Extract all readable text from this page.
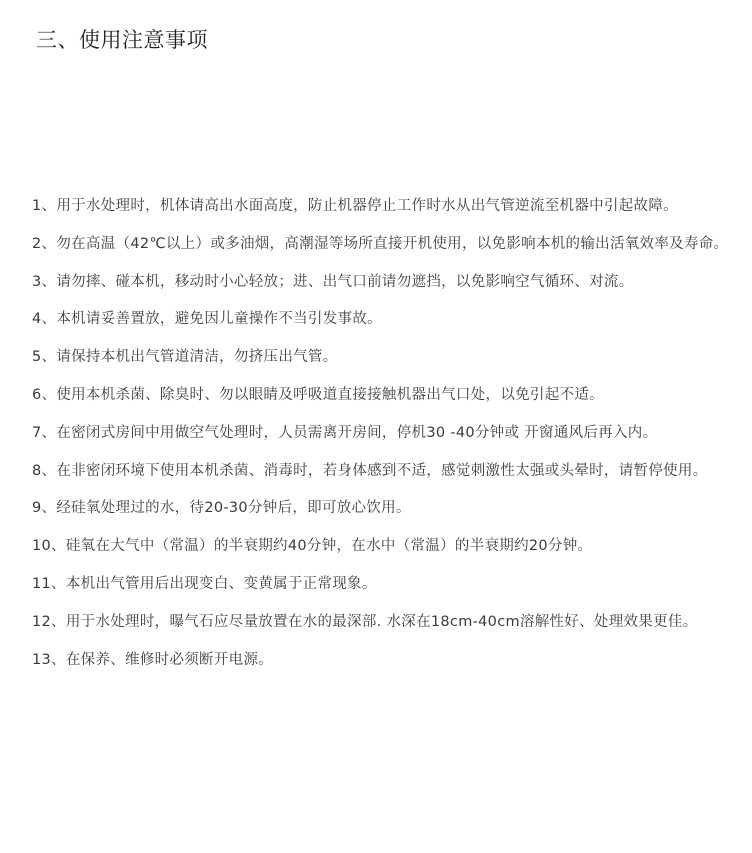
三、使用注意事项
1、用于水处理时，机体请高出水面高度，防止机器停止工作时水从出气管逆流至机器中引起故障。
2、勿在高温（42℃以上）或多油烟，高潮湿等场所直接开机使用，以免影响本机的输出活氧效率及寿命。
3、请勿摔、碰本机，移动时小心轻放；进、出气口前请勿遮挡，以免影响空气循环、对流。
4、本机请妥善置放，避免因儿童操作不当引发事故。
5、请保持本机出气管道清洁，勿挤压出气管。
6、使用本机杀菌、除臭时、勿以眼睛及呼吸道直接接触机器出气口处，以免引起不适。
7、在密闭式房间中用做空气处理时，人员需离开房间，停机30 -40分钟或 开窗通风后再入内。
8、在非密闭环境下使用本机杀菌、消毒时，若身体感到不适，感觉刺激性太强或头晕时，请暂停使用。
9、经硅氧处理过的水，待20-30分钟后，即可放心饮用。
10、硅氧在大气中（常温）的半衰期约40分钟，在水中（常温）的半衰期约20分钟。
11、本机出气管用后出现变白、变黄属于正常现象。
12、用于水处理时，曝气石应尽量放置在水的最深部. 水深在18cm-40cm溶解性好、处理效果更佳。
13、在保养、维修时必须断开电源。
